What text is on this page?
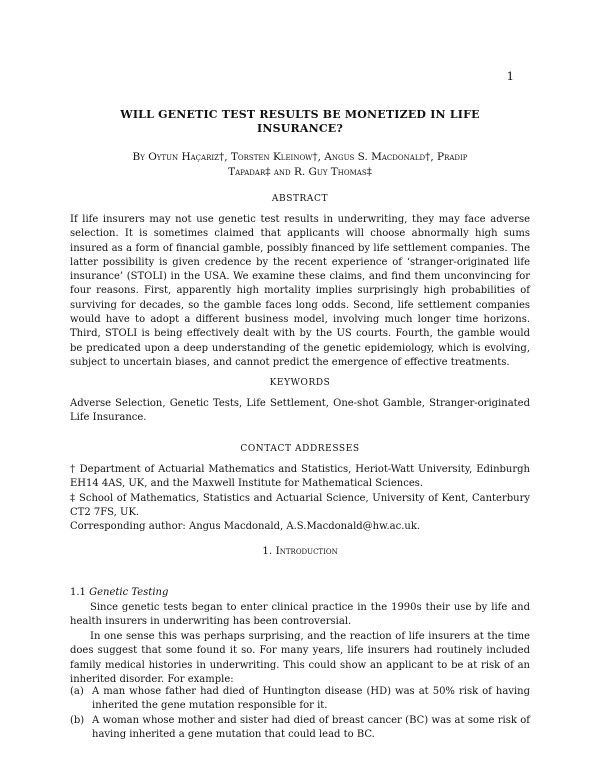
1
WILL GENETIC TEST RESULTS BE MONETIZED IN LIFE
INSURANCE?
By Oytun Haçariz†, Torsten Kleinow†, Angus S. Macdonald†, Pradip
Tapadar‡ and R. Guy Thomas‡
ABSTRACT

If life insurers may not use genetic test results in underwriting, they may face adverse selection. It is sometimes claimed that applicants will choose abnormally high sums insured as a form of financial gamble, possibly financed by life settlement companies. The latter possibility is given credence by the recent experience of ‘stranger-originated life insurance’ (STOLI) in the USA. We examine these claims, and find them unconvincing for four reasons. First, apparently high mortality implies surprisingly high probabilities of surviving for decades, so the gamble faces long odds. Second, life settlement companies would have to adopt a different business model, involving much longer time horizons. Third, STOLI is being effectively dealt with by the US courts. Fourth, the gamble would be predicated upon a deep understanding of the genetic epidemiology, which is evolving, subject to uncertain biases, and cannot predict the emergence of effective treatments.

KEYWORDS

Adverse Selection, Genetic Tests, Life Settlement, One-shot Gamble, Stranger-originated Life Insurance.

CONTACT ADDRESSES

† Department of Actuarial Mathematics and Statistics, Heriot-Watt University, Edinburgh EH14 4AS, UK, and the Maxwell Institute for Mathematical Sciences.

‡ School of Mathematics, Statistics and Actuarial Science, University of Kent, Canterbury CT2 7FS, UK.

Corresponding author: Angus Macdonald, A.S.Macdonald@hw.ac.uk.

1. Introduction
1.1 Genetic Testing

Since genetic tests began to enter clinical practice in the 1990s their use by life and health insurers in underwriting has been controversial.

In one sense this was perhaps surprising, and the reaction of life insurers at the time does suggest that some found it so. For many years, life insurers had routinely included family medical histories in underwriting. This could show an applicant to be at risk of an inherited disorder. For example:

(a) A man whose father had died of Huntington disease (HD) was at 50% risk of having inherited the gene mutation responsible for it.
(b) A woman whose mother and sister had died of breast cancer (BC) was at some risk of having inherited a gene mutation that could lead to BC.
